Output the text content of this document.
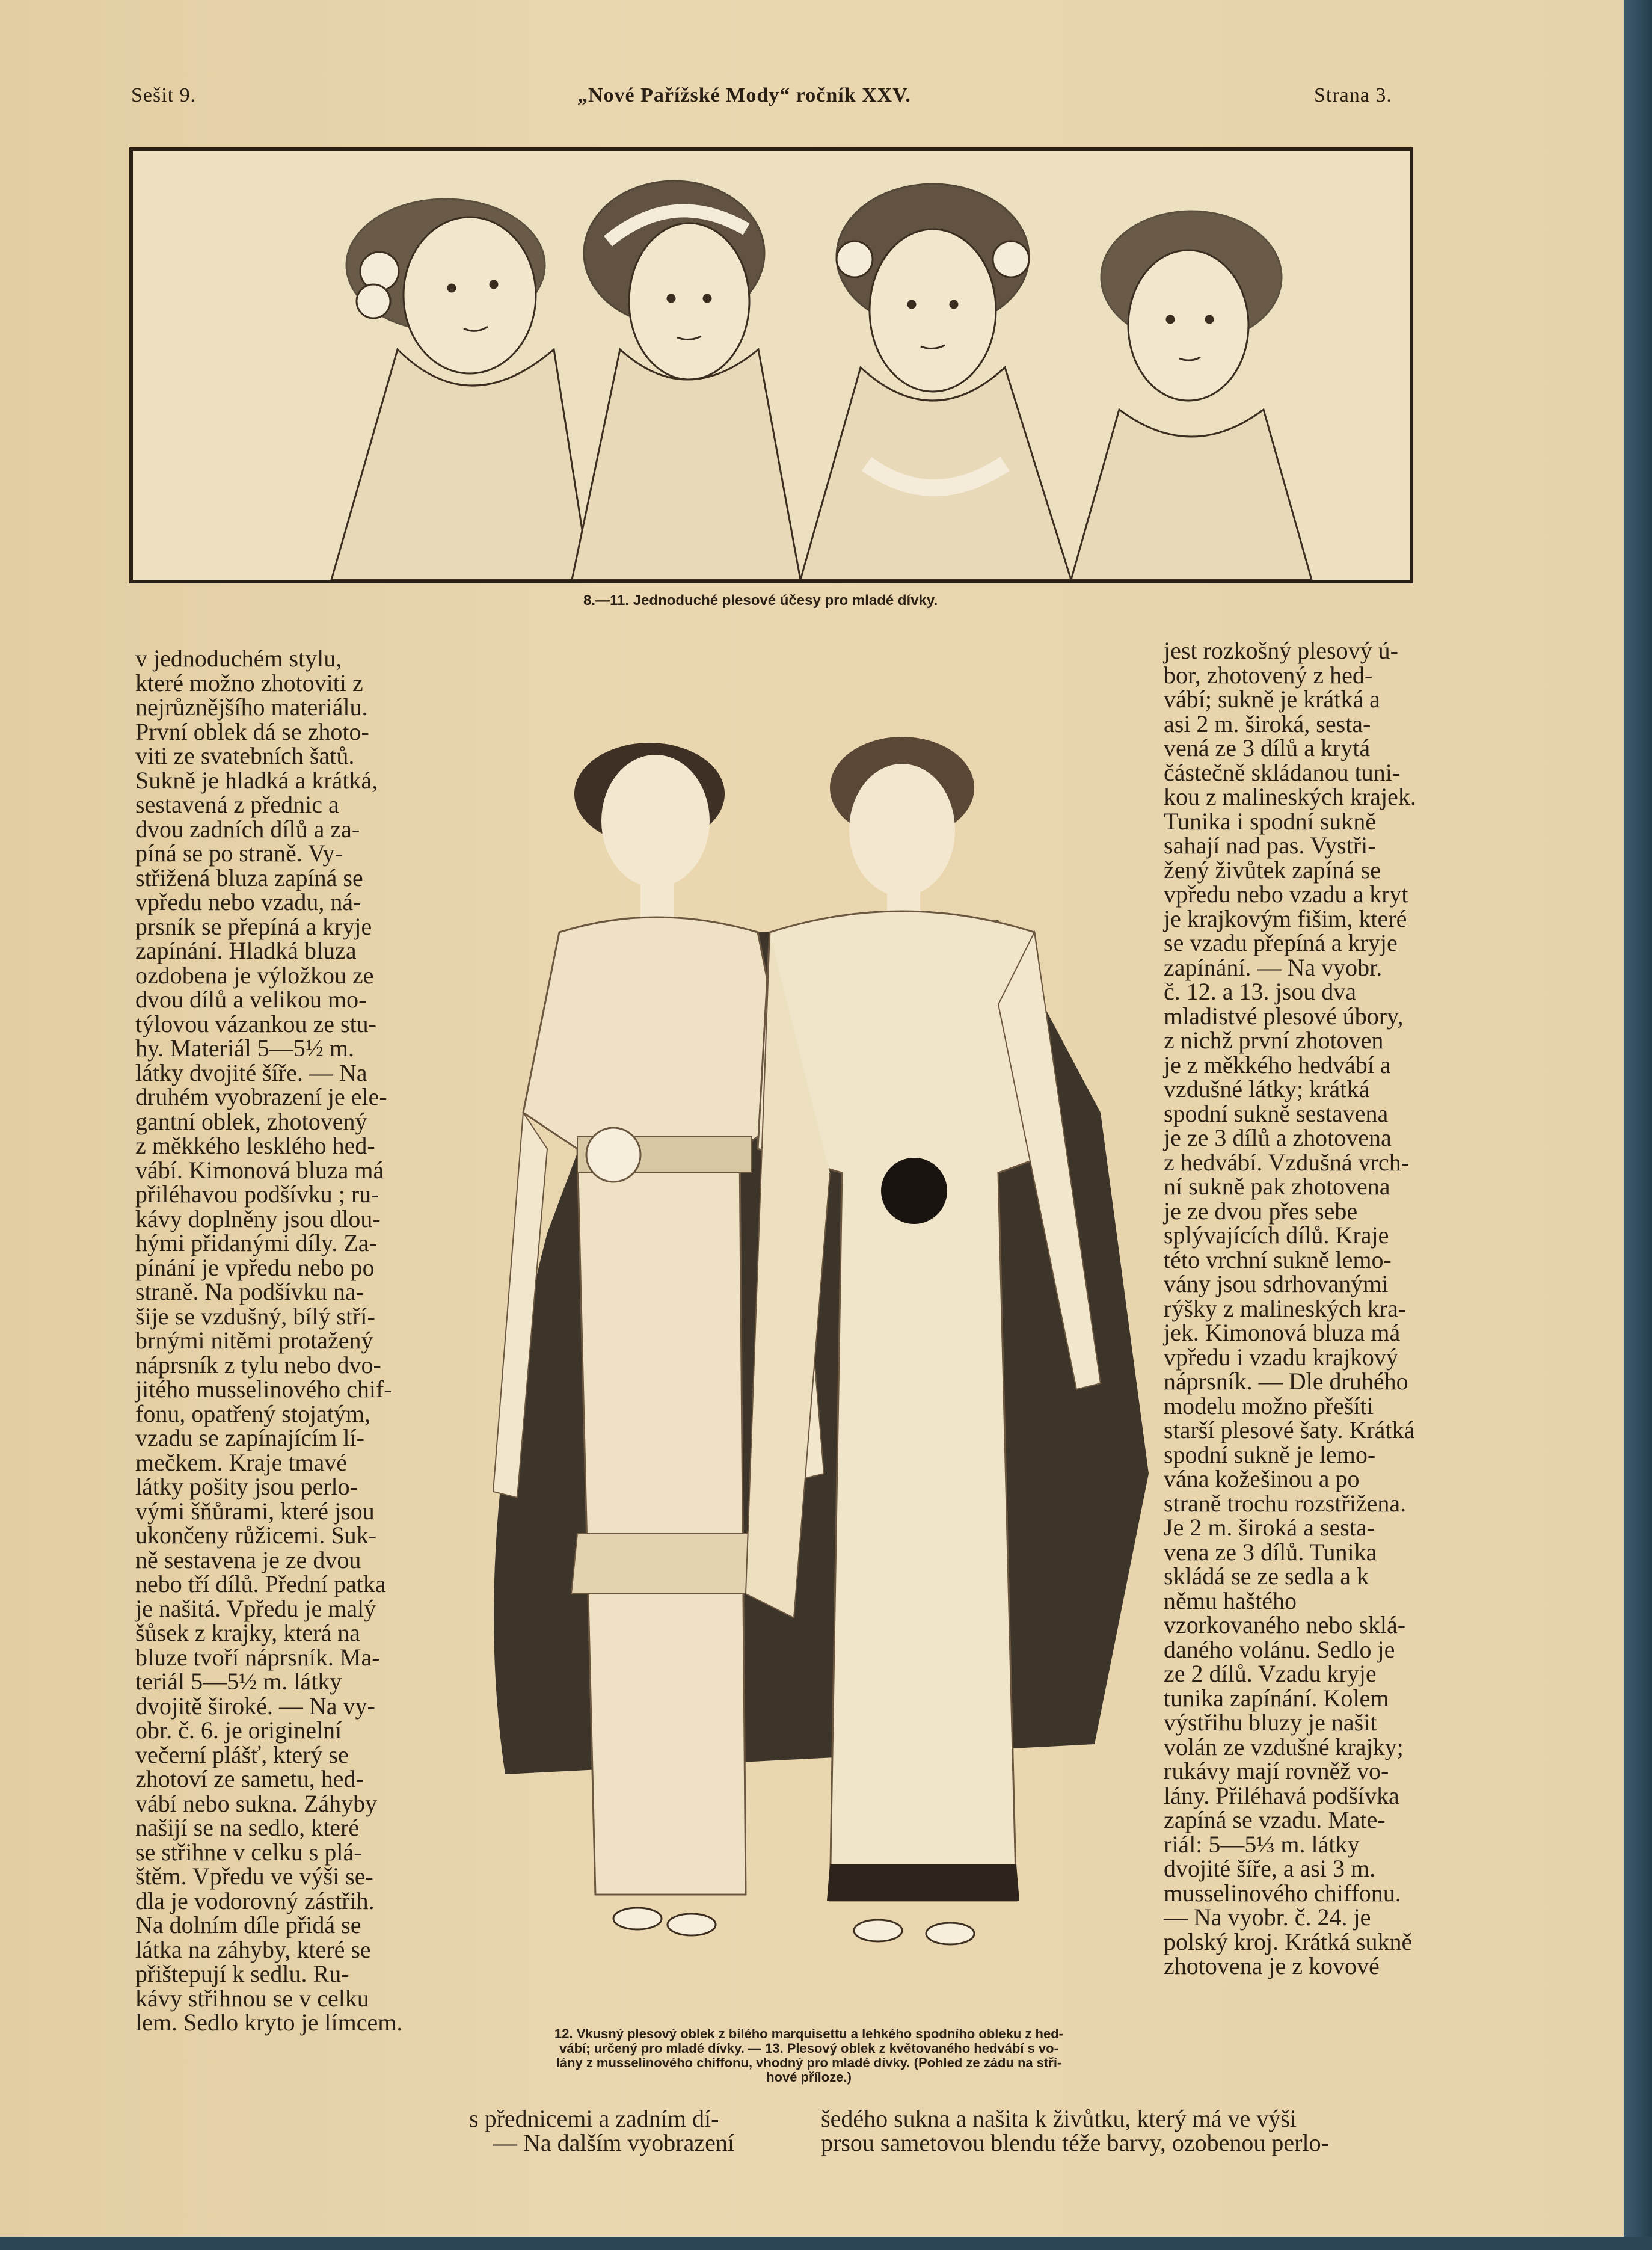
Sešit 9.	„Nové Pařížské Mody“ ročník XXV.	Strana 3.
8.—11. Jednoduché plesové účesy pro mladé dívky.

v jednoduchém stylu,
které možno zhotoviti z
nejrůznějšího materiálu.
První oblek dá se zhoto-
viti ze svatebních šatů.
Sukně je hladká a krátká,
sestavená z přednic a
dvou zadních dílů a za-
píná se po straně. Vy-
střižená bluza zapíná se
vpředu nebo vzadu, ná-
prsník se přepíná a kryje
zapínání. Hladká bluza
ozdobena je výložkou ze
dvou dílů a velikou mo-
týlovou vázankou ze stu-
hy. Materiál 5—5½ m.
látky dvojité šíře. — Na
druhém vyobrazení je ele-
gantní oblek, zhotovený
z měkkého lesklého hed-
vábí. Kimonová bluza má
přiléhavou podšívku ; ru-
kávy doplněny jsou dlou-
hými přidanými díly. Za-
pínání je vpředu nebo po
straně. Na podšívku na-
šije se vzdušný, bílý stří-
brnými nitěmi protažený
náprsník z tylu nebo dvo-
jitého musselinového chif-
fonu, opatřený stojatým,
vzadu se zapínajícím lí-
mečkem. Kraje tmavé
látky pošity jsou perlo-
vými šňůrami, které jsou
ukončeny růžicemi. Suk-
ně sestavena je ze dvou
nebo tří dílů. Přední patka
je našitá. Vpředu je malý
šůsek z krajky, která na
bluze tvoří náprsník. Ma-
teriál 5—5½ m. látky
dvojitě široké. — Na vy-
obr. č. 6. je originelní
večerní plášť, který se
zhotoví ze sametu, hed-
vábí nebo sukna. Záhyby
našijí se na sedlo, které
se střihne v celku s plá-
štěm. Vpředu ve výši se-
dla je vodorovný zástřih.
Na dolním díle přidá se
látka na záhyby, které se
přištepují k sedlu. Ru-
kávy střihnou se v celku
lem. Sedlo kryto je límcem.	12. Vkusný plesový oblek z bílého marquisettu a lehkého spodního obleku z hed-
vábí; určený pro mladé dívky. — 13. Plesový oblek z květovaného hedvábí s vo-
lány z musselinového chiffonu, vhodný pro mladé dívky. (Pohled ze zádu na stří-
hové příloze.)

jest rozkošný plesový ú-
bor, zhotovený z hed-
vábí; sukně je krátká a
asi 2 m. široká, sesta-
vená ze 3 dílů a krytá
částečně skládanou tuni-
kou z malineských krajek.
Tunika i spodní sukně
sahají nad pas. Vystři-
žený živůtek zapíná se
vpředu nebo vzadu a kryt
je krajkovým fišim, které
se vzadu přepíná a kryje
zapínání. — Na vyobr.
č. 12. a 13. jsou dva
mladistvé plesové úbory,
z nichž první zhotoven
je z měkkého hedvábí a
vzdušné látky; krátká
spodní sukně sestavena
je ze 3 dílů a zhotovena
z hedvábí. Vzdušná vrch-
ní sukně pak zhotovena
je ze dvou přes sebe
splývajících dílů. Kraje
této vrchní sukně lemo-
vány jsou sdrhovanými
rýšky z malineských kra-
jek. Kimonová bluza má
vpředu i vzadu krajkový
náprsník. — Dle druhého
modelu možno přešíti
starší plesové šaty. Krátká
spodní sukně je lemo-
vána kožešinou a po
straně trochu rozstřižena.
Je 2 m. široká a sesta-
vena ze 3 dílů. Tunika
skládá se ze sedla a k
němu haštého
vzorkovaného nebo sklá-
daného volánu. Sedlo je
ze 2 dílů. Vzadu kryje
tunika zapínání. Kolem
výstřihu bluzy je našit
volán ze vzdušné krajky;
rukávy mají rovněž vo-
lány. Přiléhavá podšívka
zapíná se vzadu. Mate-
riál: 5—5⅓ m. látky
dvojité šíře, a asi 3 m.
musselinového chiffonu.
— Na vyobr. č. 24. je
polský kroj. Krátká sukně
zhotovena je z kovové

s přednicemi a zadním dí-
— Na dalším vyobrazení
šedého sukna a našita k živůtku, který má ve výši
prsou sametovou blendu téže barvy, ozobenou perlo-
